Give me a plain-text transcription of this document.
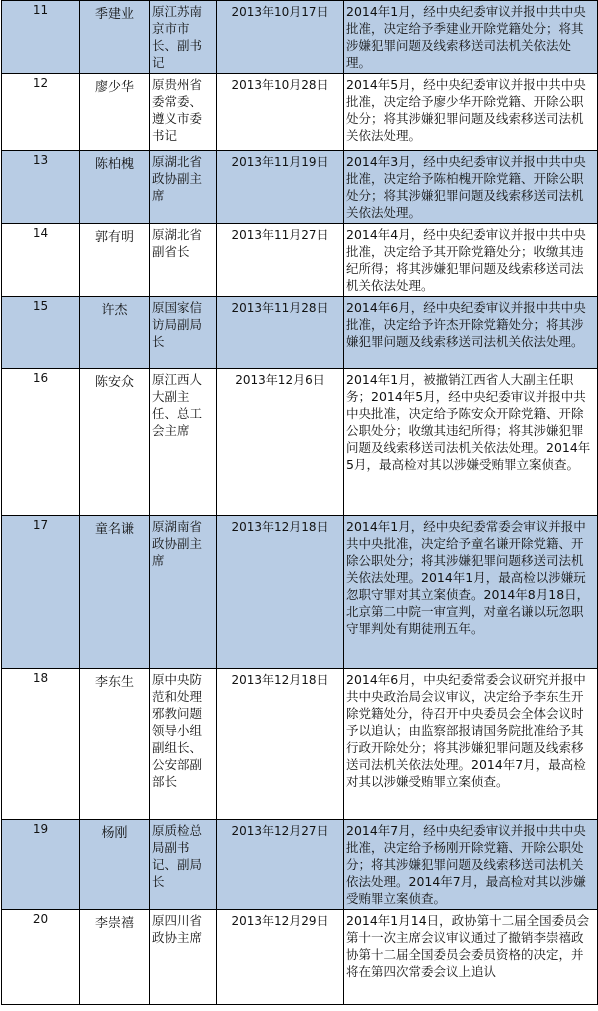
11	季建业	原江苏南京市市长、副书记	2013年10月17日	2014年1月，经中央纪委审议并报中共中央批准，决定给予季建业开除党籍处分；将其涉嫌犯罪问题及线索移送司法机关依法处理。
12	廖少华	原贵州省委常委、遵义市委书记	2013年10月28日	2014年5月，经中央纪委审议并报中共中央批准，决定给予廖少华开除党籍、开除公职处分；将其涉嫌犯罪问题及线索移送司法机关依法处理。
13	陈柏槐	原湖北省政协副主席	2013年11月19日	2014年3月，经中央纪委审议并报中共中央批准，决定给予陈柏槐开除党籍、开除公职处分；将其涉嫌犯罪问题及线索移送司法机关依法处理。
14	郭有明	原湖北省副省长	2013年11月27日	2014年4月，经中央纪委审议并报中共中央批准，决定给予其开除党籍处分；收缴其违纪所得；将其涉嫌犯罪问题及线索移送司法机关依法处理。
15	许杰	原国家信访局副局长	2013年11月28日	2014年6月，经中央纪委审议并报中共中央批准，决定给予许杰开除党籍处分；将其涉嫌犯罪问题及线索移送司法机关依法处理。
16	陈安众	原江西人大副主任、总工会主席	2013年12月6日	2014年1月，被撤销江西省人大副主任职务；2014年5月，经中央纪委审议并报中共中央批准，决定给予陈安众开除党籍、开除公职处分；收缴其违纪所得；将其涉嫌犯罪问题及线索移送司法机关依法处理。2014年5月，最高检对其以涉嫌受贿罪立案侦查。
17	童名谦	原湖南省政协副主席	2013年12月18日	2014年1月，经中央纪委常委会审议并报中共中央批准，决定给予童名谦开除党籍、开除公职处分；将其涉嫌犯罪问题移送司法机关依法处理。2014年1月，最高检以涉嫌玩忽职守罪对其立案侦查。2014年8月18日，北京第二中院一审宣判，对童名谦以玩忽职守罪判处有期徒刑五年。
18	李东生	原中央防范和处理邪教问题领导小组副组长、公安部副部长	2013年12月18日	2014年6月，中央纪委常委会议研究并报中共中央政治局会议审议，决定给予李东生开除党籍处分，待召开中央委员会全体会议时予以追认；由监察部报请国务院批准给予其行政开除处分；将其涉嫌犯罪问题及线索移送司法机关依法处理。2014年7月，最高检对其以涉嫌受贿罪立案侦查。
19	杨刚	原质检总局副书记、副局长	2013年12月27日	2014年7月，经中央纪委审议并报中共中央批准，决定给予杨刚开除党籍、开除公职处分；将其涉嫌犯罪问题及线索移送司法机关依法处理。2014年7月，最高检对其以涉嫌受贿罪立案侦查。
20	李崇禧	原四川省政协主席	2013年12月29日	2014年1月14日，政协第十二届全国委员会第十一次主席会议审议通过了撤销李崇禧政协第十二届全国委员会委员资格的决定，并将在第四次常委会议上追认
